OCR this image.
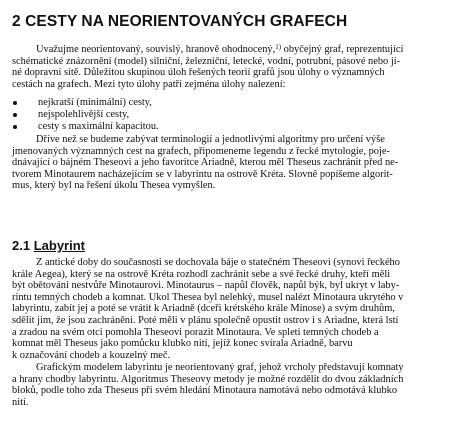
2 CESTY NA NEORIENTOVANÝCH GRAFECH
Uvažujme neorientovaný, souvislý, hranově ohodnocený,$^{1)}$ obyčejný graf, reprezentující
schématické znázornění (model) silniční, železniční, letecké, vodní, potrubní, pásové nebo ji-
né dopravní sítě. Důležitou skupinou úloh řešených teorií grafů jsou úlohy o významných
cestách na grafech. Mezi tyto úlohy patří zejména úlohy nalezení:
nejkratší (minimální) cesty,
nejspolehlivější cesty,
cesty s maximální kapacitou.
Dříve než se budeme zabývat terminologií a jednotlivými algoritmy pro určení výše
jmenovaných významných cest na grafech, připomeneme legendu z řecké mytologie, poje-
dnávající o bájném Theseovi a jeho favoritce Ariadně, kterou měl Theseus zachránit před ne-
tvorem Minotaurem nacházejícím se v labyrintu na ostrově Kréta. Slovně popíšeme algorit-
mus, který byl na řešení úkolu Thesea vymyšlen.
2.1 Labyrint
Z antické doby do současnosti se dochovala báje o statečném Theseovi (synovi řeckého
krále Aegea), který se na ostrově Kréta rozhodl zachránit sebe a své řecké druhy, kteří měli
být obětováni nestvůře Minotaurovi. Minotaurus – napůl člověk, napůl býk, byl ukryt v laby-
rintu temných chodeb a komnat. Ukol Thesea byl nelehký, musel nalézt Minotaura ukrytého v
labyrintu, zabít jej a poté se vrátit k Ariadně (dceři krétského krále Mínose) a svým druhům,
sdělit jim, že jsou zachráněni. Poté měli v plánu společně opustit ostrov i s Ariadne, která lstí
a zradou na svém otci pomohla Theseovi porazit Minotaura. Ve spleti temných chodeb a
komnat měl Theseus jako pomůcku klubko nití, jejíž konec svírala Ariadně, barvu
k označování chodeb a kouzelný meč.
Grafickým modelem labyrintu je neorientovaný graf, jehož vrcholy představují komnaty
a hrany chodby labyrintu. Algoritmus Theseovy metody je možné rozdělit do dvou základních
bloků, podle toho zda Theseus při svém hledání Minotaura namotává nebo odmotává klubko
nití.
